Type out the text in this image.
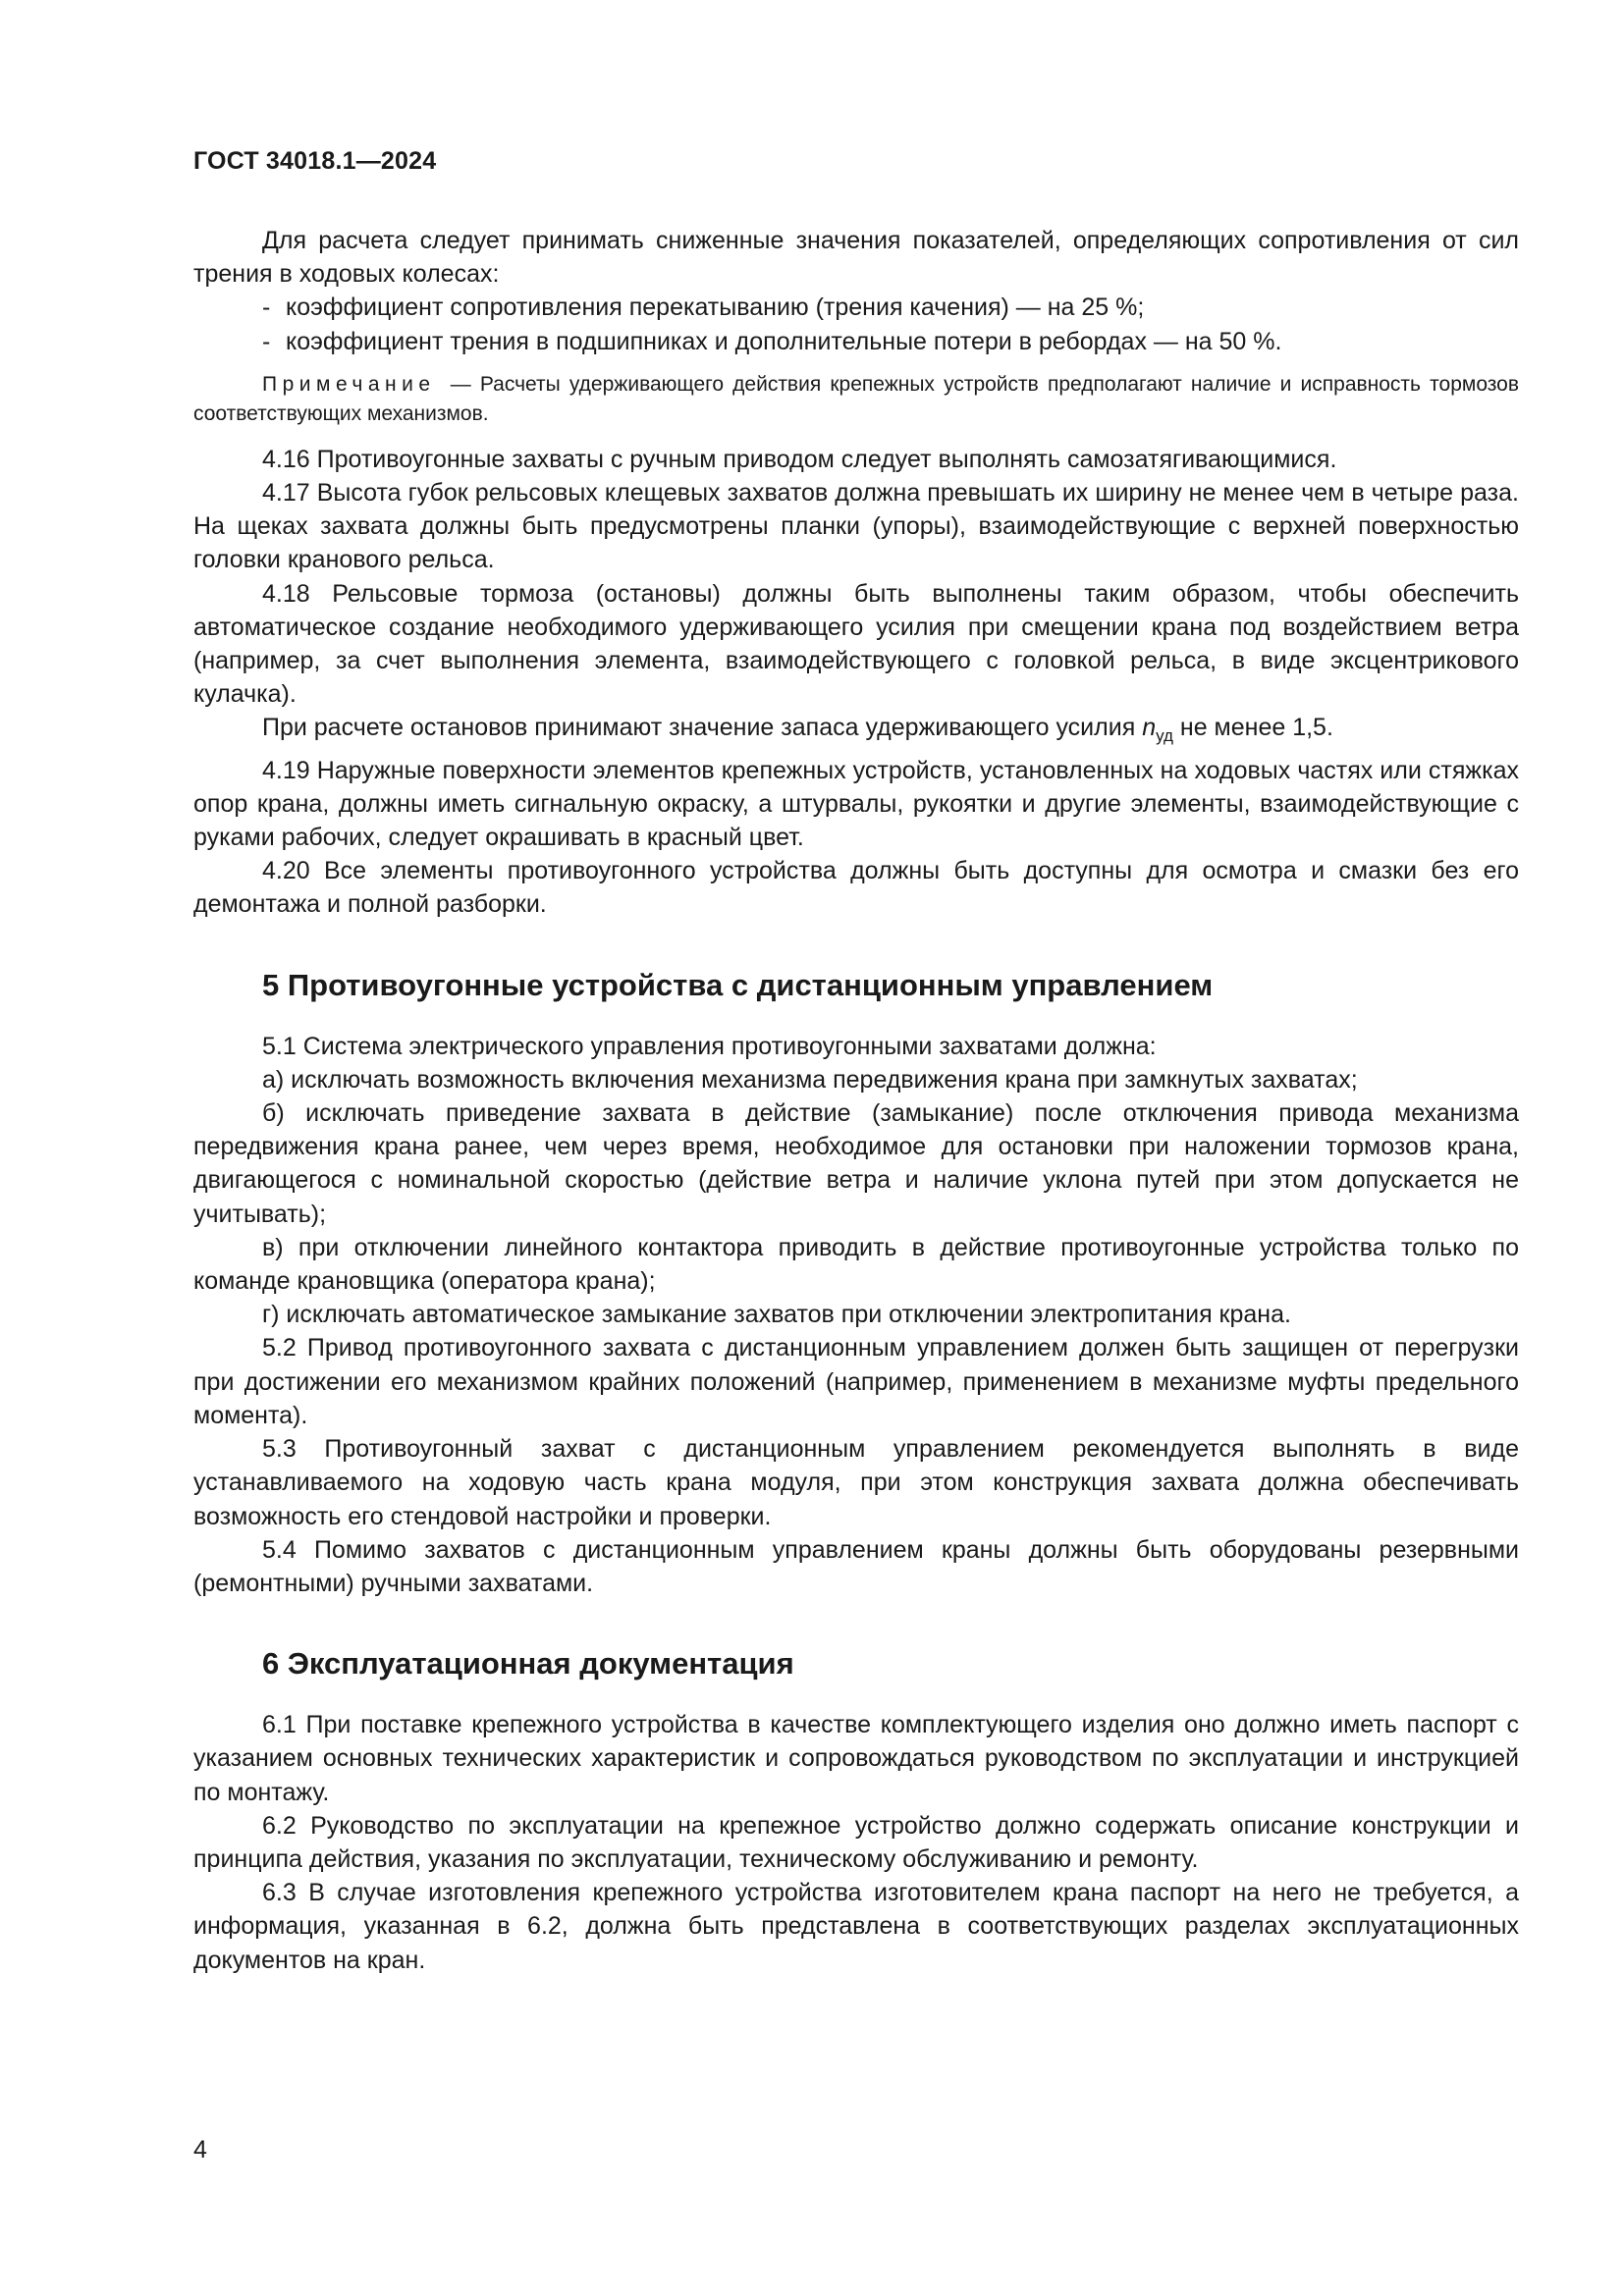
ГОСТ 34018.1—2024

Для расчета следует принимать сниженные значения показателей, определяющих сопротивления от сил трения в ходовых колесах:

- коэффициент сопротивления перекатыванию (трения качения) — на 25 %;

- коэффициент трения в подшипниках и дополнительные потери в ребордах — на 50 %.

Примечание — Расчеты удерживающего действия крепежных устройств предполагают наличие и исправность тормозов соответствующих механизмов.

4.16 Противоугонные захваты с ручным приводом следует выполнять самозатягивающимися.

4.17 Высота губок рельсовых клещевых захватов должна превышать их ширину не менее чем в четыре раза. На щеках захвата должны быть предусмотрены планки (упоры), взаимодействующие с верхней поверхностью головки кранового рельса.

4.18 Рельсовые тормоза (остановы) должны быть выполнены таким образом, чтобы обеспечить автоматическое создание необходимого удерживающего усилия при смещении крана под воздействием ветра (например, за счет выполнения элемента, взаимодействующего с головкой рельса, в виде эксцентрикового кулачка).

При расчете остановов принимают значение запаса удерживающего усилия $n_{уд}$ не менее 1,5.

4.19 Наружные поверхности элементов крепежных устройств, установленных на ходовых частях или стяжках опор крана, должны иметь сигнальную окраску, а штурвалы, рукоятки и другие элементы, взаимодействующие с руками рабочих, следует окрашивать в красный цвет.

4.20 Все элементы противоугонного устройства должны быть доступны для осмотра и смазки без его демонтажа и полной разборки.

5 Противоугонные устройства с дистанционным управлением

5.1 Система электрического управления противоугонными захватами должна:

а) исключать возможность включения механизма передвижения крана при замкнутых захватах;

б) исключать приведение захвата в действие (замыкание) после отключения привода механизма передвижения крана ранее, чем через время, необходимое для остановки при наложении тормозов крана, двигающегося с номинальной скоростью (действие ветра и наличие уклона путей при этом допускается не учитывать);

в) при отключении линейного контактора приводить в действие противоугонные устройства только по команде крановщика (оператора крана);

г) исключать автоматическое замыкание захватов при отключении электропитания крана.

5.2 Привод противоугонного захвата с дистанционным управлением должен быть защищен от перегрузки при достижении его механизмом крайних положений (например, применением в механизме муфты предельного момента).

5.3 Противоугонный захват с дистанционным управлением рекомендуется выполнять в виде устанавливаемого на ходовую часть крана модуля, при этом конструкция захвата должна обеспечивать возможность его стендовой настройки и проверки.

5.4 Помимо захватов с дистанционным управлением краны должны быть оборудованы резервными (ремонтными) ручными захватами.

6 Эксплуатационная документация

6.1 При поставке крепежного устройства в качестве комплектующего изделия оно должно иметь паспорт с указанием основных технических характеристик и сопровождаться руководством по эксплуатации и инструкцией по монтажу.

6.2 Руководство по эксплуатации на крепежное устройство должно содержать описание конструкции и принципа действия, указания по эксплуатации, техническому обслуживанию и ремонту.

6.3 В случае изготовления крепежного устройства изготовителем крана паспорт на него не требуется, а информация, указанная в 6.2, должна быть представлена в соответствующих разделах эксплуатационных документов на кран.

4
